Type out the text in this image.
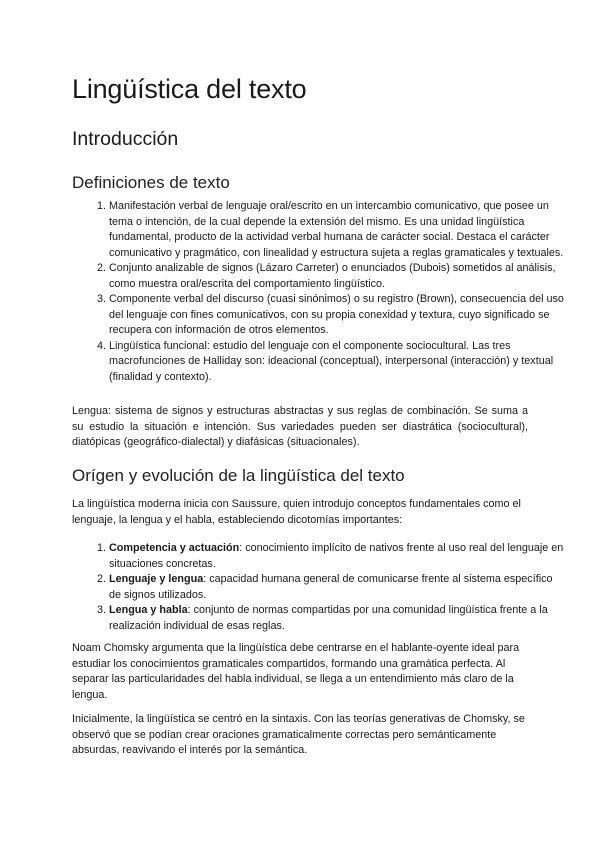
Lingüística del texto
Introducción
Definiciones de texto
1. Manifestación verbal de lenguaje oral/escrito en un intercambio comunicativo, que posee un tema o intención, de la cual depende la extensión del mismo. Es una unidad lingüística fundamental, producto de la actividad verbal humana de carácter social. Destaca el carácter comunicativo y pragmático, con linealidad y estructura sujeta a reglas gramaticales y textuales.
2. Conjunto analizable de signos (Lázaro Carreter) o enunciados (Dubois) sometidos al análisis, como muestra oral/escrita del comportamiento lingüístico.
3. Componente verbal del discurso (cuasi sinónimos) o su registro (Brown), consecuencia del uso del lenguaje con fines comunicativos, con su propia conexidad y textura, cuyo significado se recupera con información de otros elementos.
4. Lingüística funcional: estudio del lenguaje con el componente sociocultural. Las tres macrofunciones de Halliday son: ideacional (conceptual), interpersonal (interacción) y textual (finalidad y contexto).

Lengua: sistema de signos y estructuras abstractas y sus reglas de combinación. Se suma a su estudio la situación e intención. Sus variedades pueden ser diastrática (sociocultural), diatópicas (geográfico-dialectal) y diafásicas (situacionales).

Orígen y evolución de la lingüística del texto

La lingüística moderna inicia con Saussure, quien introdujo conceptos fundamentales como el lenguaje, la lengua y el habla, estableciendo dicotomías importantes:

1. Competencia y actuación: conocimiento implícito de nativos frente al uso real del lenguaje en situaciones concretas.
2. Lenguaje y lengua: capacidad humana general de comunicarse frente al sistema específico de signos utilizados.
3. Lengua y habla: conjunto de normas compartidas por una comunidad lingüística frente a la realización individual de esas reglas.

Noam Chomsky argumenta que la lingüística debe centrarse en el hablante-oyente ideal para estudiar los conocimientos gramaticales compartidos, formando una gramática perfecta. Al separar las particularidades del habla individual, se llega a un entendimiento más claro de la lengua.

Inicialmente, la lingüística se centró en la sintaxis. Con las teorías generativas de Chomsky, se observó que se podían crear oraciones gramaticalmente correctas pero semánticamente absurdas, reavivando el interés por la semántica.
